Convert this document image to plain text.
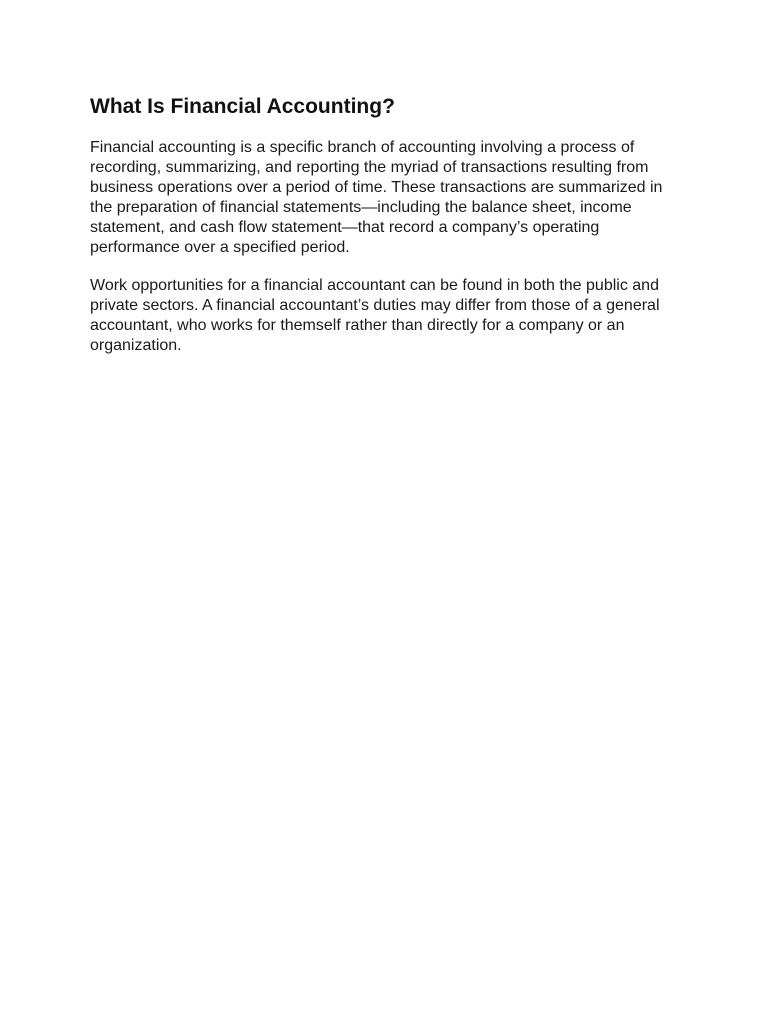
What Is Financial Accounting?

Financial accounting is a specific branch of accounting involving a process of recording, summarizing, and reporting the myriad of transactions resulting from business operations over a period of time. These transactions are summarized in the preparation of financial statements—including the balance sheet, income statement, and cash flow statement—that record a company’s operating performance over a specified period.

Work opportunities for a financial accountant can be found in both the public and private sectors. A financial accountant’s duties may differ from those of a general accountant, who works for themself rather than directly for a company or an organization.
